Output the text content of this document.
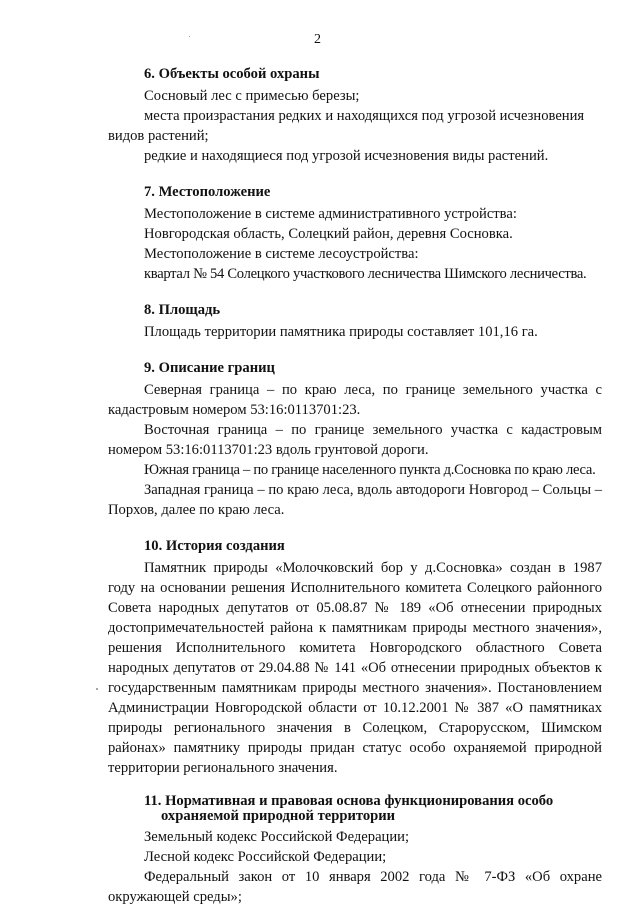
2
6. Объекты особой охраны

Сосновый лес с примесью березы;

места произрастания редких и находящихся под угрозой исчезновения видов растений;

редкие и находящиеся под угрозой исчезновения виды растений.

7. Местоположение

Местоположение в системе административного устройства:

Новгородская область, Солецкий район, деревня Сосновка.

Местоположение в системе лесоустройства:

квартал № 54 Солецкого участкового лесничества Шимского лесничества.

8. Площадь

Площадь территории памятника природы составляет 101,16 га.

9. Описание границ

Северная граница – по краю леса, по границе земельного участка с кадастровым номером 53:16:0113701:23.

Восточная граница – по границе земельного участка с кадастровым номером 53:16:0113701:23 вдоль грунтовой дороги.

Южная граница – по границе населенного пункта д.Сосновка по краю леса.

Западная граница – по краю леса, вдоль автодороги Новгород – Сольцы – Порхов, далее по краю леса.

10. История создания

Памятник природы «Молочковский бор у д.Сосновка» создан в 1987 году на основании решения Исполнительного комитета Солецкого районного Совета народных депутатов от 05.08.87 № 189 «Об отнесении природных достопримечательностей района к памятникам природы местного значения», решения Исполнительного комитета Новгородского областного Совета народных депутатов от 29.04.88 № 141 «Об отнесении природных объектов к государственным памятникам природы местного значения». Постановлением Администрации Новгородской области от 10.12.2001 № 387 «О памятниках природы регионального значения в Солецком, Старорусском, Шимском районах» памятнику природы придан статус особо охраняемой природной территории регионального значения.

11. Нормативная и правовая основа функционирования особо
охраняемой природной территории

Земельный кодекс Российской Федерации;

Лесной кодекс Российской Федерации;

Федеральный закон от 10 января 2002 года № 7-ФЗ «Об охране окружающей среды»;
